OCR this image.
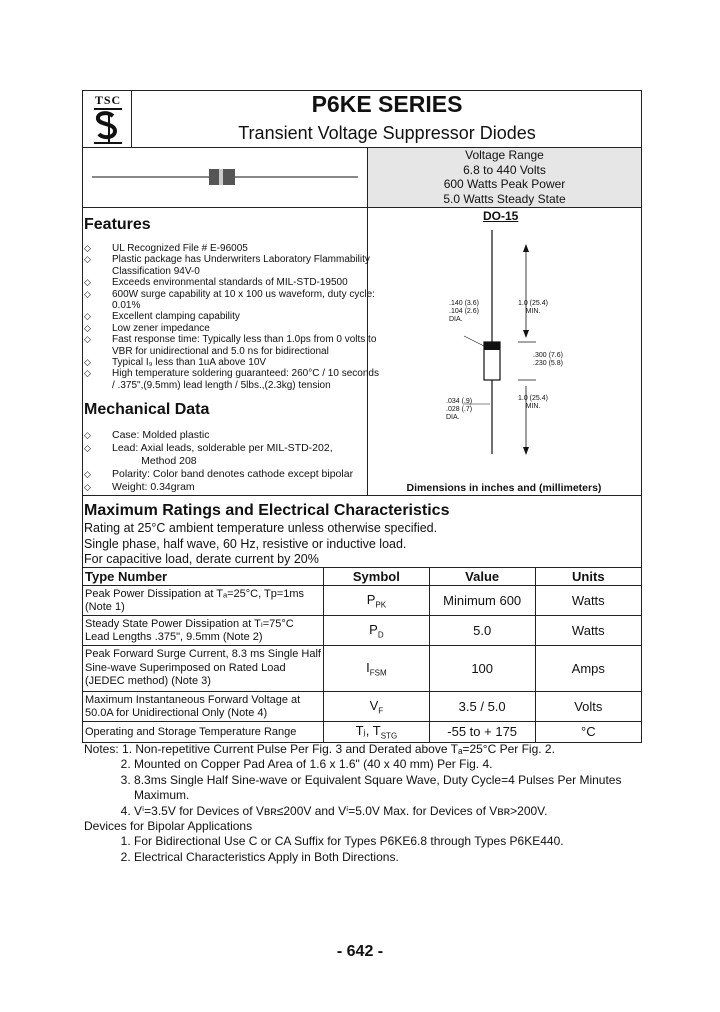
TSC	P6KE SERIES
Transient Voltage Suppressor Diodes
Voltage Range
6.8 to 440 Volts
600 Watts Peak Power
5.0 Watts Steady State
Features
◇ UL Recognized File # E-96005
◇ Plastic package has Underwriters Laboratory Flammability
Classification 94V-0
◇ Exceeds environmental standards of MIL-STD-19500
◇ 600W surge capability at 10 x 100 us waveform, duty cycle:
0.01%
◇ Excellent clamping capability
◇ Low zener impedance
◇ Fast response time: Typically less than 1.0ps from 0 volts to
VBR for unidirectional and 5.0 ns for bidirectional
◇ Typical I₉ less than 1uA above 10V
◇ High temperature soldering guaranteed: 260°C / 10 seconds
/ .375",(9.5mm) lead length / 5lbs.,(2.3kg) tension
Mechanical Data
◇ Case: Molded plastic
◇ Lead: Axial leads, solderable per MIL-STD-202,
Method 208
◇ Polarity: Color band denotes cathode except bipolar
◇ Weight: 0.34gram
DO-15
.140 (3.6)
.104 (2.6)
DIA.
1.0 (25.4)
MIN.
.300 (7.6)
.230 (5.8)
.034 (.9)
.028 (.7)
DIA.
1.0 (25.4)
MIN.
Dimensions in inches and (millimeters)
Maximum Ratings and Electrical Characteristics
Rating at 25°C ambient temperature unless otherwise specified.
Single phase, half wave, 60 Hz, resistive or inductive load.
For capacitive load, derate current by 20%
Type Number	Symbol	Value	Units
Peak Power Dissipation at Tₐ=25°C, Tp=1ms
(Note 1)	$P_{PK}$	Minimum 600	Watts
Steady State Power Dissipation at Tₗ=75°C
Lead Lengths .375", 9.5mm (Note 2)	$P_D$	5.0	Watts
Peak Forward Surge Current, 8.3 ms Single Half
Sine-wave Superimposed on Rated Load
(JEDEC method) (Note 3)	$I_{FSM}$	100	Amps
Maximum Instantaneous Forward Voltage at
50.0A for Unidirectional Only (Note 4)	$V_F$	3.5 / 5.0	Volts
Operating and Storage Temperature Range	Tⱼ, $T_{STG}$	-55 to + 175	°C
Notes: 1. Non-repetitive Current Pulse Per Fig. 3 and Derated above Tₐ=25°C Per Fig. 2.
2. Mounted on Copper Pad Area of 1.6 x 1.6" (40 x 40 mm) Per Fig. 4.
3. 8.3ms Single Half Sine-wave or Equivalent Square Wave, Duty Cycle=4 Pulses Per Minutes
Maximum.
4. Vⁱ=3.5V for Devices of Vʙʀ≤200V and Vⁱ=5.0V Max. for Devices of Vʙʀ>200V.
Devices for Bipolar Applications
1. For Bidirectional Use C or CA Suffix for Types P6KE6.8 through Types P6KE440.
2. Electrical Characteristics Apply in Both Directions.
- 642 -
